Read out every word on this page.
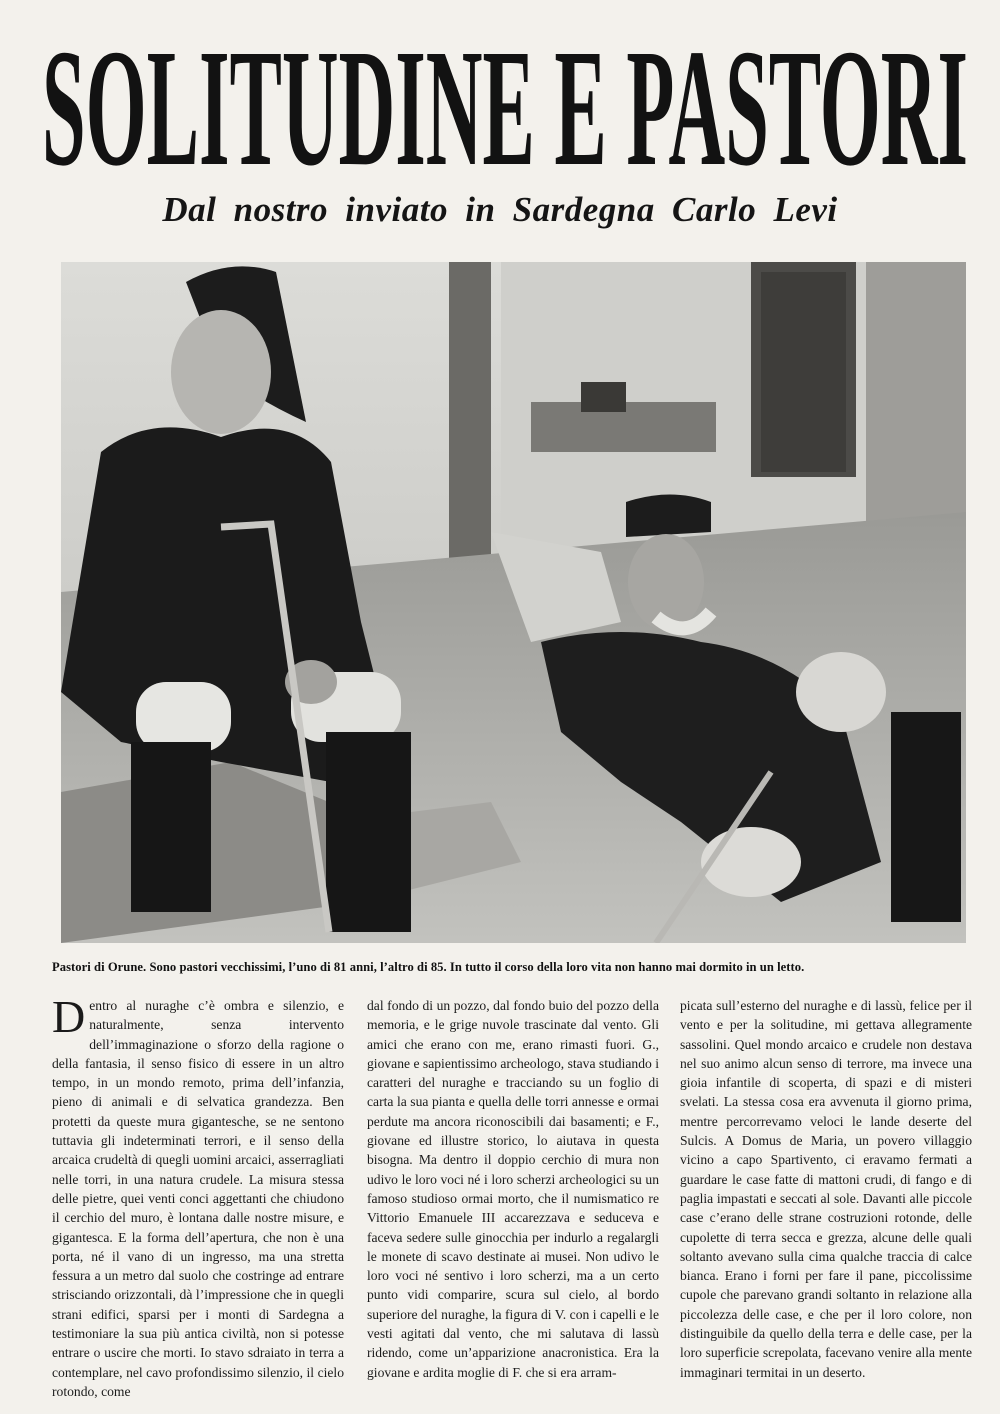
SOLITUDINE E PASTORI
Dal nostro inviato in Sardegna Carlo Levi
Pastori di Orune. Sono pastori vecchissimi, l’uno di 81 anni, l’altro di 85. In tutto il corso della loro vita non hanno mai dormito in un letto.
D entro al nuraghe c’è ombra e silenzio, e naturalmente, senza intervento dell’immaginazione o sforzo della ragione o della fantasia, il senso fisico di essere in un altro tempo, in un mondo remoto, prima dell’infanzia, pieno di animali e di selvatica grandezza. Ben protetti da queste mura gigantesche, se ne sentono tuttavia gli indeterminati terrori, e il senso della arcaica crudeltà di quegli uomini arcaici, asserragliati nelle torri, in una natura crudele. La misura stessa delle pietre, quei venti conci aggettanti che chiudono il cerchio del muro, è lontana dalle nostre misure, e gigantesca. E la forma dell’apertura, che non è una porta, né il vano di un ingresso, ma una stretta fessura a un metro dal suolo che costringe ad entrare strisciando orizzontali, dà l’impressione che in quegli strani edifici, sparsi per i monti di Sardegna a testimoniare la sua più antica civiltà, non si potesse entrare o uscire che morti. Io stavo sdraiato in terra a contemplare, nel cavo profondissimo silenzio, il cielo rotondo, come
dal fondo di un pozzo, dal fondo buio del pozzo della memoria, e le grige nuvole trascinate dal vento. Gli amici che erano con me, erano rimasti fuori. G., giovane e sapientissimo archeologo, stava studiando i caratteri del nuraghe e tracciando su un foglio di carta la sua pianta e quella delle torri annesse e ormai perdute ma ancora riconoscibili dai basamenti; e F., giovane ed illustre storico, lo aiutava in questa bisogna. Ma dentro il doppio cerchio di mura non udivo le loro voci né i loro scherzi archeologici su un famoso studioso ormai morto, che il numismatico re Vittorio Emanuele III accarezzava e seduceva e faceva sedere sulle ginocchia per indurlo a regalargli le monete di scavo destinate ai musei. Non udivo le loro voci né sentivo i loro scherzi, ma a un certo punto vidi comparire, scura sul cielo, al bordo superiore del nuraghe, la figura di V. con i capelli e le vesti agitati dal vento, che mi salutava di lassù ridendo, come un’apparizione anacronistica. Era la giovane e ardita moglie di F. che si era arram-
picata sull’esterno del nuraghe e di lassù, felice per il vento e per la solitudine, mi gettava allegramente sassolini. Quel mondo arcaico e crudele non destava nel suo animo alcun senso di terrore, ma invece una gioia infantile di scoperta, di spazi e di misteri svelati. La stessa cosa era avvenuta il giorno prima, mentre percorrevamo veloci le lande deserte del Sulcis. A Domus de Maria, un povero villaggio vicino a capo Spartivento, ci eravamo fermati a guardare le case fatte di mattoni crudi, di fango e di paglia impastati e seccati al sole. Davanti alle piccole case c’erano delle strane costruzioni rotonde, delle cupolette di terra secca e grezza, alcune delle quali soltanto avevano sulla cima qualche traccia di calce bianca. Erano i forni per fare il pane, piccolissime cupole che parevano grandi soltanto in relazione alla piccolezza delle case, e che per il loro colore, non distinguibile da quello della terra e delle case, per la loro superficie screpolata, facevano venire alla mente immaginari termitai in un deserto.
